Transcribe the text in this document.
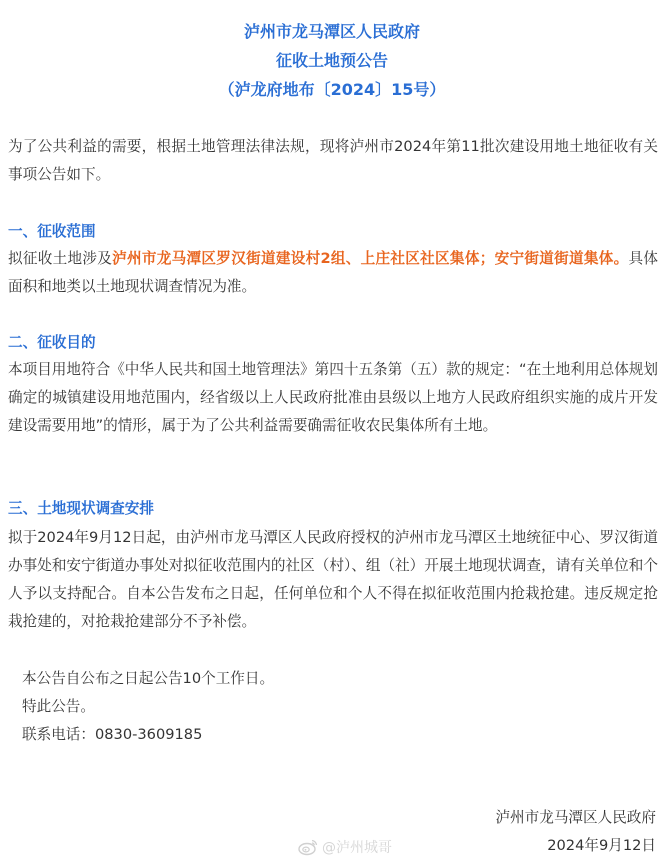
泸州市龙马潭区人民政府
征收土地预公告
（泸龙府地布〔2024〕15号）

为了公共利益的需要，根据土地管理法律法规，现将泸州市2024年第11批次建设用地土地征收有关事项公告如下。

一、征收范围

拟征收土地涉及泸州市龙马潭区罗汉街道建设村2组、上庄社区社区集体；安宁街道街道集体。具体面积和地类以土地现状调查情况为准。

二、征收目的

本项目用地符合《中华人民共和国土地管理法》第四十五条第（五）款的规定：“在土地利用总体规划确定的城镇建设用地范围内，经省级以上人民政府批准由县级以上地方人民政府组织实施的成片开发建设需要用地”的情形，属于为了公共利益需要确需征收农民集体所有土地。

三、土地现状调查安排

拟于2024年9月12日起，由泸州市龙马潭区人民政府授权的泸州市龙马潭区土地统征中心、罗汉街道办事处和安宁街道办事处对拟征收范围内的社区（村）、组（社）开展土地现状调查，请有关单位和个人予以支持配合。自本公告发布之日起，任何单位和个人不得在拟征收范围内抢栽抢建。违反规定抢栽抢建的，对抢栽抢建部分不予补偿。

本公告自公布之日起公告10个工作日。

特此公告。

联系电话：0830-3609185

泸州市龙马潭区人民政府

2024年9月12日

@泸州城哥
